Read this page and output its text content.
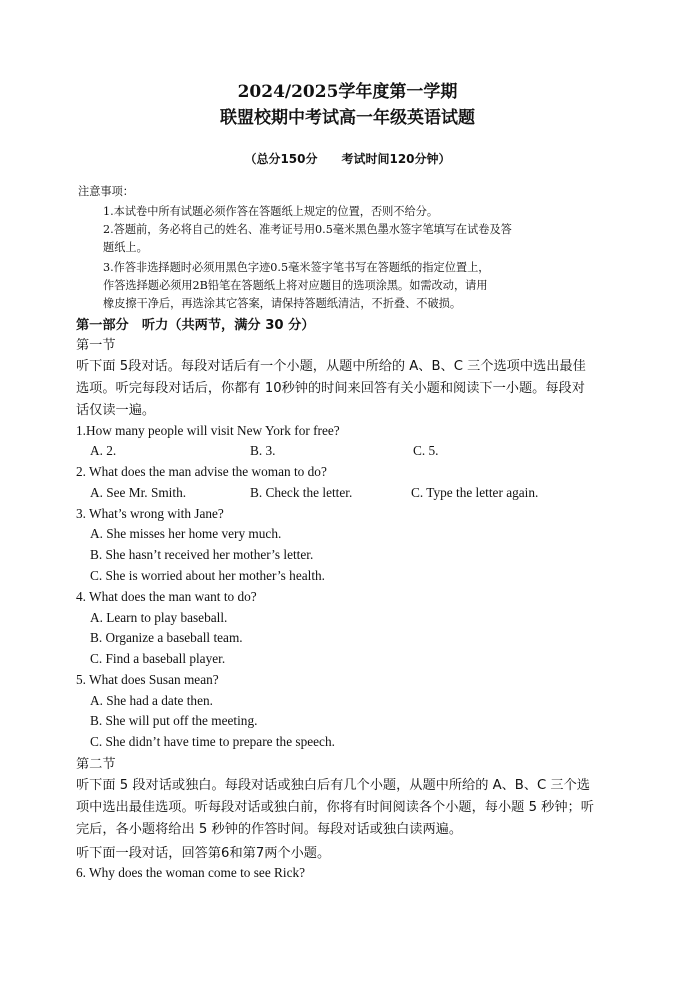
2024/2025学年度第一学期
联盟校期中考试高一年级英语试题
（总分150分　　考试时间120分钟）
注意事项：
1.本试卷中所有试题必须作答在答题纸上规定的位置，否则不给分。
2.答题前，务必将自己的姓名、准考证号用0.5毫米黑色墨水签字笔填写在试卷及答
题纸上。
3.作答非选择题时必须用黑色字迹0.5毫米签字笔书写在答题纸的指定位置上，
作答选择题必须用2B铅笔在答题纸上将对应题目的选项涂黑。如需改动，请用
橡皮擦干净后，再选涂其它答案，请保持答题纸清洁，不折叠、不破损。
第一部分　听力（共两节，满分 30 分）
第一节
听下面 5段对话。每段对话后有一个小题，从题中所给的 A、B、C 三个选项中选出最佳
选项。听完每段对话后，你都有 10秒钟的时间来回答有关小题和阅读下一小题。每段对
话仅读一遍。
1.How many people will visit New York for free?
A. 2.	B. 3.	C. 5.
2. What does the man advise the woman to do?
A. See Mr. Smith.	B. Check the letter.	C. Type the letter again.
3. What’s wrong with Jane?
A. She misses her home very much.
B. She hasn’t received her mother’s letter.
C. She is worried about her mother’s health.
4. What does the man want to do?
A. Learn to play baseball.
B. Organize a baseball team.
C. Find a baseball player.
5. What does Susan mean?
A. She had a date then.
B. She will put off the meeting.
C. She didn’t have time to prepare the speech.
第二节
听下面 5 段对话或独白。每段对话或独白后有几个小题，从题中所给的 A、B、C 三个选
项中选出最佳选项。听每段对话或独白前，你将有时间阅读各个小题，每小题 5 秒钟；听
完后，各小题将给出 5 秒钟的作答时间。每段对话或独白读两遍。
听下面一段对话，回答第6和第7两个小题。
6. Why does the woman come to see Rick?
